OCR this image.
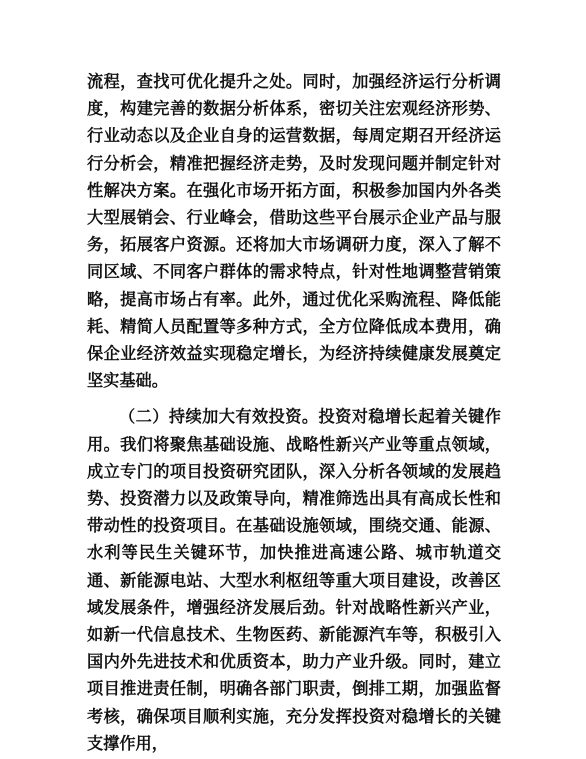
流程，查找可优化提升之处。同时，加强经济运行分析调度，构建完善的数据分析体系，密切关注宏观经济形势、行业动态以及企业自身的运营数据，每周定期召开经济运行分析会，精准把握经济走势，及时发现问题并制定针对性解决方案。在强化市场开拓方面，积极参加国内外各类大型展销会、行业峰会，借助这些平台展示企业产品与服务，拓展客户资源。还将加大市场调研力度，深入了解不同区域、不同客户群体的需求特点，针对性地调整营销策略，提高市场占有率。此外，通过优化采购流程、降低能耗、精简人员配置等多种方式，全方位降低成本费用，确保企业经济效益实现稳定增长，为经济持续健康发展奠定坚实基础。

（二）持续加大有效投资。投资对稳增长起着关键作用。我们将聚焦基础设施、战略性新兴产业等重点领域，成立专门的项目投资研究团队，深入分析各领域的发展趋势、投资潜力以及政策导向，精准筛选出具有高成长性和带动性的投资项目。在基础设施领域，围绕交通、能源、水利等民生关键环节，加快推进高速公路、城市轨道交通、新能源电站、大型水利枢纽等重大项目建设，改善区域发展条件，增强经济发展后劲。针对战略性新兴产业，如新一代信息技术、生物医药、新能源汽车等，积极引入国内外先进技术和优质资本，助力产业升级。同时，建立项目推进责任制，明确各部门职责，倒排工期，加强监督考核，确保项目顺利实施，充分发挥投资对稳增长的关键支撑作用，
